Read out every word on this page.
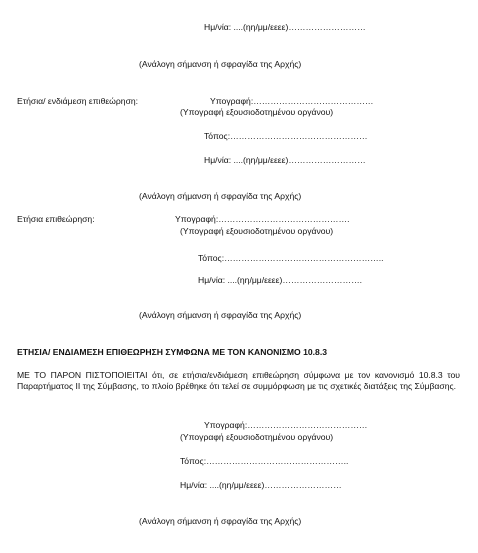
Ημ/νία: ....(ηη/μμ/εεεε)………………………
(Ανάλογη σήμανση ή σφραγίδα της Αρχής)
Ετήσια/ ενδιάμεση επιθεώρηση:	Υπογραφή:……………………………………
(Υπογραφή εξουσιοδοτημένου οργάνου)
Τόπος:…………………………………………
Ημ/νία: ....(ηη/μμ/εεεε)………………………
(Ανάλογη σήμανση ή σφραγίδα της Αρχής)
Ετήσια επιθεώρηση:	Υπογραφή:……………………………………….
(Υπογραφή εξουσιοδοτημένου οργάνου)
Τόπος:………………………………………………..
Ημ/νία: ....(ηη/μμ/εεεε)……………………….
(Ανάλογη σήμανση ή σφραγίδα της Αρχής)
ΕΤΗΣΙΑ/ ΕΝΔΙΑΜΕΣΗ ΕΠΙΘΕΩΡΗΣΗ ΣΥΜΦΩΝΑ ΜΕ ΤΟΝ ΚΑΝΟΝΙΣΜΟ 10.8.3
ΜΕ ΤΟ ΠΑΡΟΝ ΠΙΣΤΟΠΟΙΕΙΤΑΙ ότι, σε ετήσια/ενδιάμεση επιθεώρηση σύμφωνα με τον κανονισμό 10.8.3 του Παραρτήματος ΙΙ της Σύμβασης, το πλοίο βρέθηκε ότι τελεί σε συμμόρφωση με τις σχετικές διατάξεις της Σύμβασης.
Υπογραφή:……………………………………
(Υπογραφή εξουσιοδοτημένου οργάνου)
Τόπος:…………………………………………..
Ημ/νία: ....(ηη/μμ/εεεε)………………………
(Ανάλογη σήμανση ή σφραγίδα της Αρχής)
